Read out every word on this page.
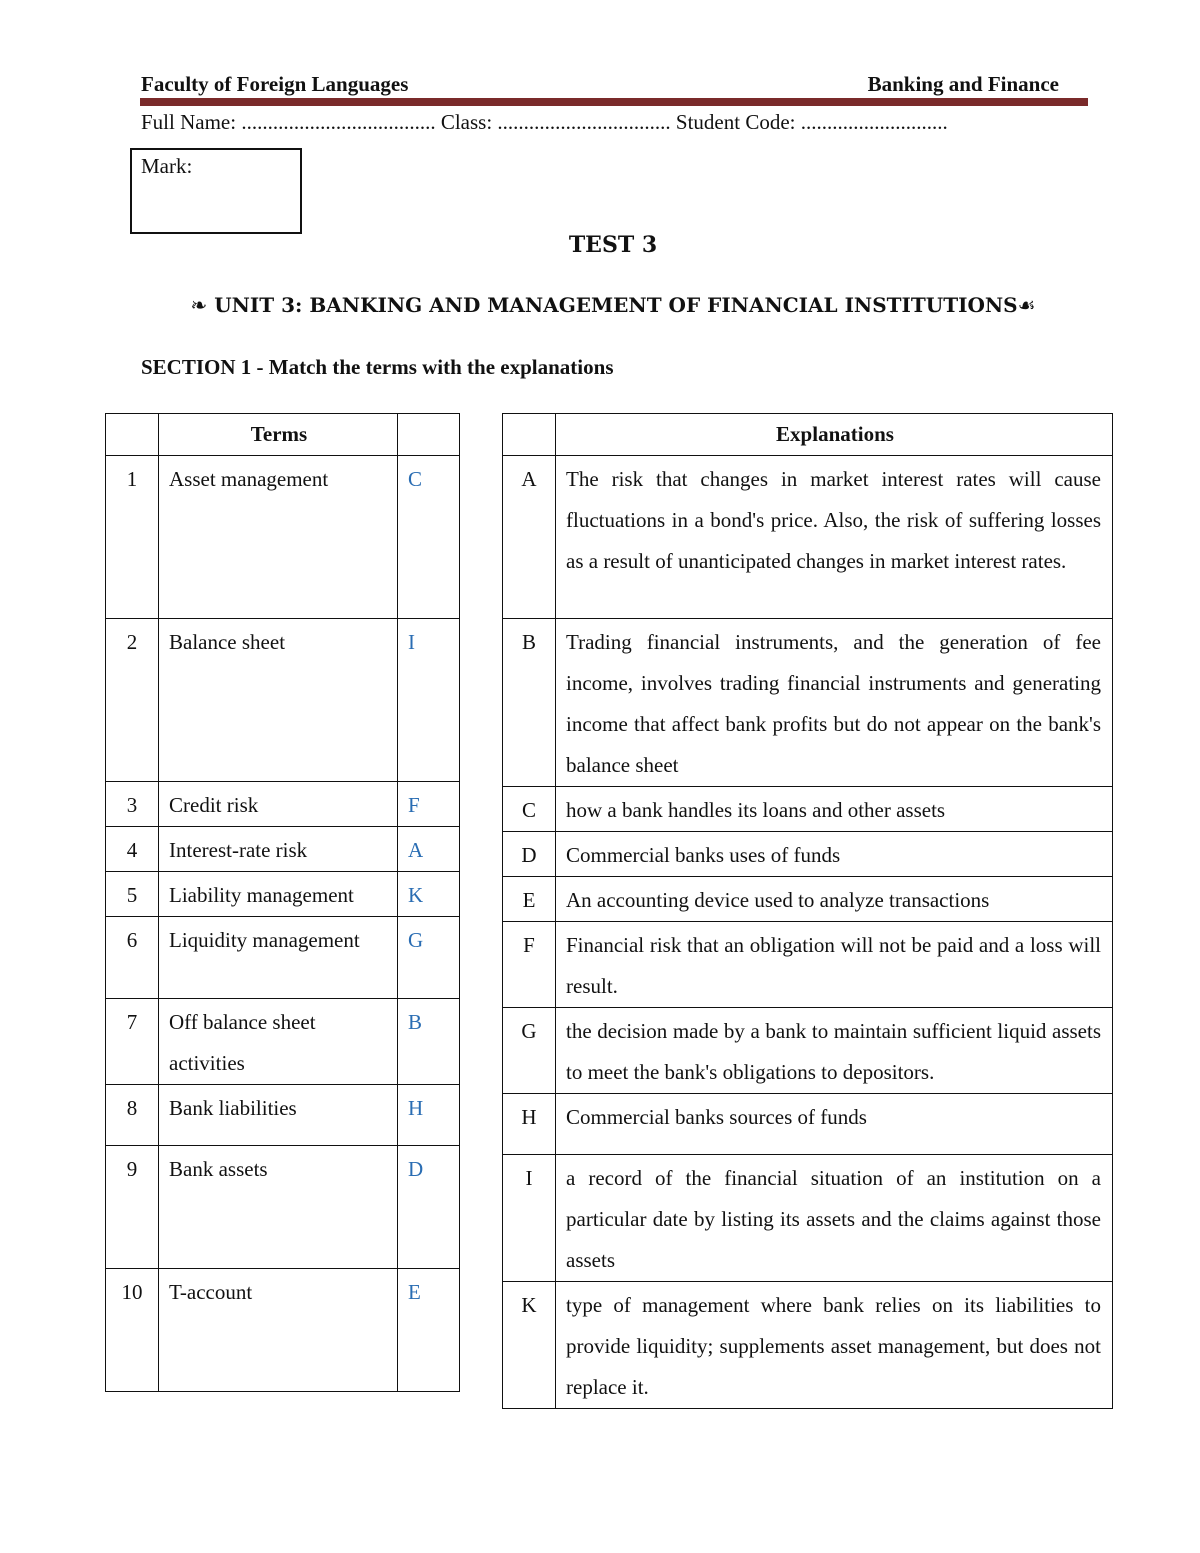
Faculty of Foreign Languages	Banking and Finance
Full Name: ..................................... Class: ................................. Student Code: ............................
Mark:
TEST 3
❧ UNIT 3: BANKING AND MANAGEMENT OF FINANCIAL INSTITUTIONS☙
SECTION 1 - Match the terms with the explanations
	Terms	
1	Asset management	C
2	Balance sheet	I
3	Credit risk	F
4	Interest-rate risk	A
5	Liability management	K
6	Liquidity management	G
7	Off balance sheet activities	B
8	Bank liabilities	H
9	Bank assets	D
10	T-account	E
	Explanations
A	The risk that changes in market interest rates will cause fluctuations in a bond's price. Also, the risk of suffering losses as a result of unanticipated changes in market interest rates.
B	Trading financial instruments, and the generation of fee income, involves trading financial instruments and generating income that affect bank profits but do not appear on the bank's balance sheet
C	how a bank handles its loans and other assets
D	Commercial banks uses of funds
E	An accounting device used to analyze transactions
F	Financial risk that an obligation will not be paid and a loss will result.
G	the decision made by a bank to maintain sufficient liquid assets to meet the bank's obligations to depositors.
H	Commercial banks sources of funds
I	a record of the financial situation of an institution on a particular date by listing its assets and the claims against those assets
K	type of management where bank relies on its liabilities to provide liquidity; supplements asset management, but does not replace it.
